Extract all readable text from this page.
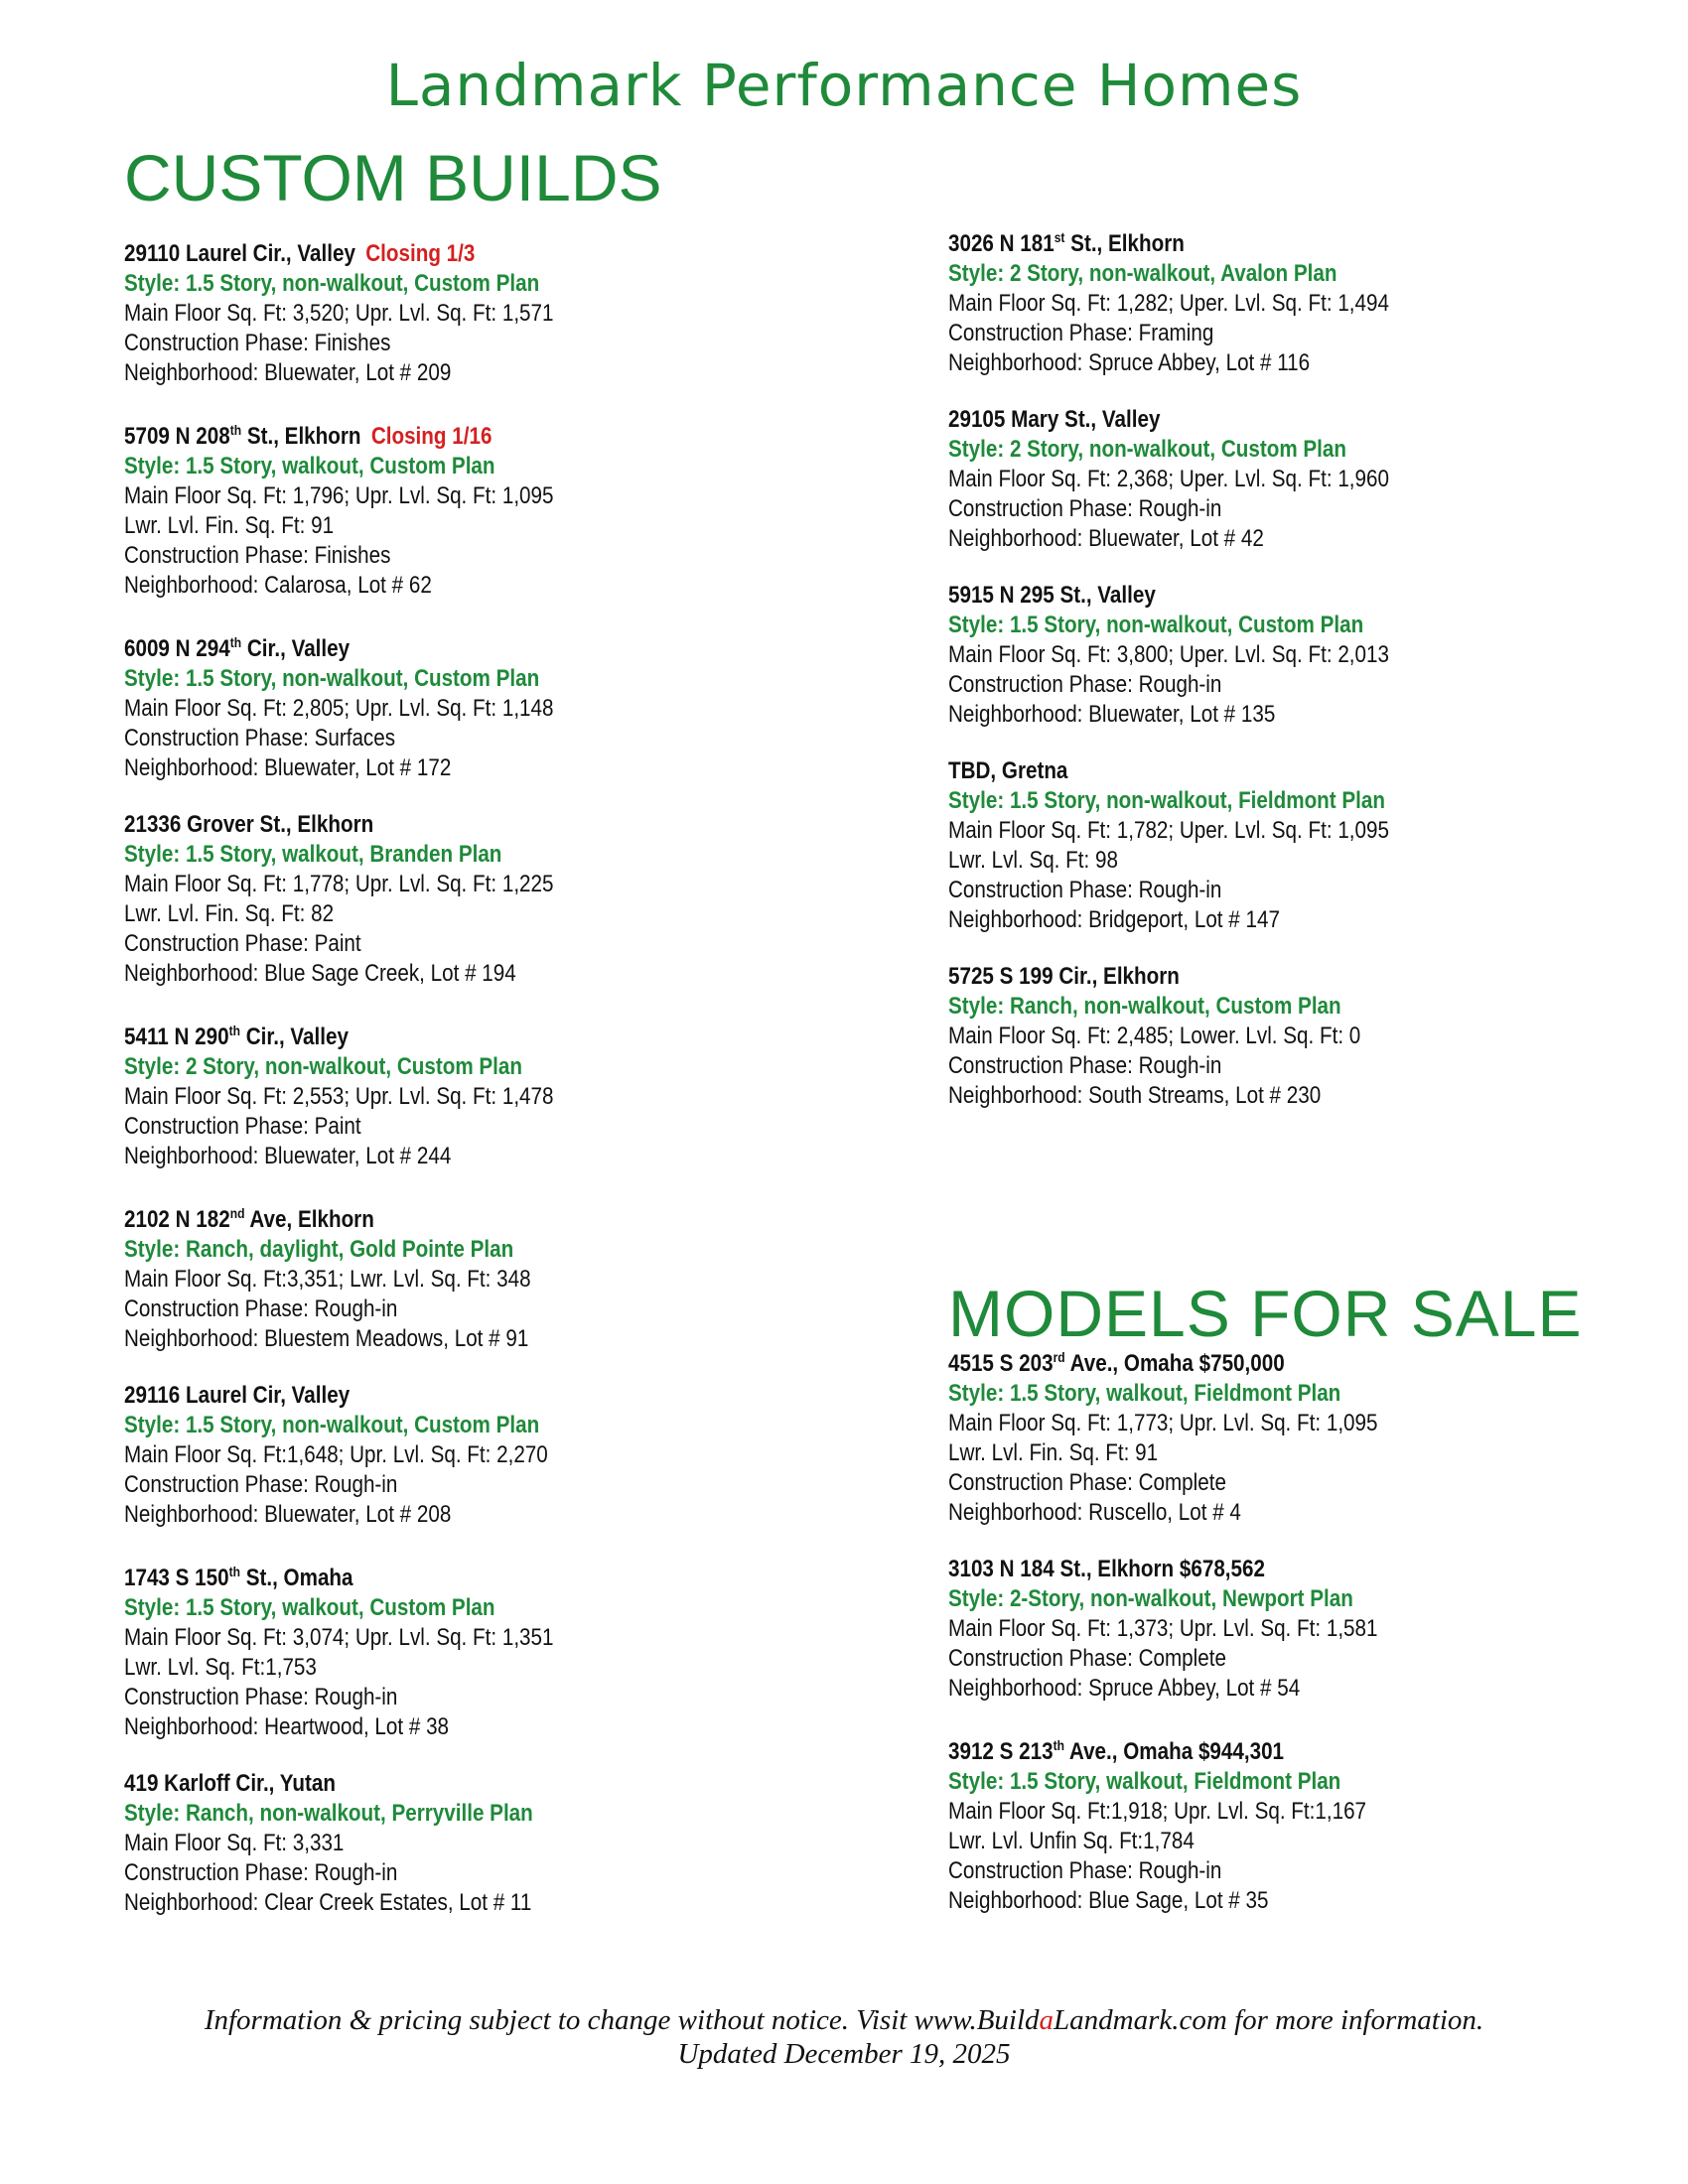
Landmark Performance Homes
CUSTOM BUILDS
29110 Laurel Cir., Valley Closing 1/3
Style: 1.5 Story, non-walkout, Custom Plan
Main Floor Sq. Ft: 3,520; Upr. Lvl. Sq. Ft: 1,571
Construction Phase: Finishes
Neighborhood: Bluewater, Lot # 209
5709 N 208th St., Elkhorn Closing 1/16
Style: 1.5 Story, walkout, Custom Plan
Main Floor Sq. Ft: 1,796; Upr. Lvl. Sq. Ft: 1,095
Lwr. Lvl. Fin. Sq. Ft: 91
Construction Phase: Finishes
Neighborhood: Calarosa, Lot # 62
6009 N 294th Cir., Valley
Style: 1.5 Story, non-walkout, Custom Plan
Main Floor Sq. Ft: 2,805; Upr. Lvl. Sq. Ft: 1,148
Construction Phase: Surfaces
Neighborhood: Bluewater, Lot # 172
21336 Grover St., Elkhorn
Style: 1.5 Story, walkout, Branden Plan
Main Floor Sq. Ft: 1,778; Upr. Lvl. Sq. Ft: 1,225
Lwr. Lvl. Fin. Sq. Ft: 82
Construction Phase: Paint
Neighborhood: Blue Sage Creek, Lot # 194
5411 N 290th Cir., Valley
Style: 2 Story, non-walkout, Custom Plan
Main Floor Sq. Ft: 2,553; Upr. Lvl. Sq. Ft: 1,478
Construction Phase: Paint
Neighborhood: Bluewater, Lot # 244
2102 N 182nd Ave, Elkhorn
Style: Ranch, daylight, Gold Pointe Plan
Main Floor Sq. Ft:3,351; Lwr. Lvl. Sq. Ft: 348
Construction Phase: Rough-in
Neighborhood: Bluestem Meadows, Lot # 91
29116 Laurel Cir, Valley
Style: 1.5 Story, non-walkout, Custom Plan
Main Floor Sq. Ft:1,648; Upr. Lvl. Sq. Ft: 2,270
Construction Phase: Rough-in
Neighborhood: Bluewater, Lot # 208
1743 S 150th St., Omaha
Style: 1.5 Story, walkout, Custom Plan
Main Floor Sq. Ft: 3,074; Upr. Lvl. Sq. Ft: 1,351
Lwr. Lvl. Sq. Ft:1,753
Construction Phase: Rough-in
Neighborhood: Heartwood, Lot # 38
419 Karloff Cir., Yutan
Style: Ranch, non-walkout, Perryville Plan
Main Floor Sq. Ft: 3,331
Construction Phase: Rough-in
Neighborhood: Clear Creek Estates, Lot # 11
3026 N 181st St., Elkhorn
Style: 2 Story, non-walkout, Avalon Plan
Main Floor Sq. Ft: 1,282; Uper. Lvl. Sq. Ft: 1,494
Construction Phase: Framing
Neighborhood: Spruce Abbey, Lot # 116
29105 Mary St., Valley
Style: 2 Story, non-walkout, Custom Plan
Main Floor Sq. Ft: 2,368; Uper. Lvl. Sq. Ft: 1,960
Construction Phase: Rough-in
Neighborhood: Bluewater, Lot # 42
5915 N 295 St., Valley
Style: 1.5 Story, non-walkout, Custom Plan
Main Floor Sq. Ft: 3,800; Uper. Lvl. Sq. Ft: 2,013
Construction Phase: Rough-in
Neighborhood: Bluewater, Lot # 135
TBD, Gretna
Style: 1.5 Story, non-walkout, Fieldmont Plan
Main Floor Sq. Ft: 1,782; Uper. Lvl. Sq. Ft: 1,095
Lwr. Lvl. Sq. Ft: 98
Construction Phase: Rough-in
Neighborhood: Bridgeport, Lot # 147
5725 S 199 Cir., Elkhorn
Style: Ranch, non-walkout, Custom Plan
Main Floor Sq. Ft: 2,485; Lower. Lvl. Sq. Ft: 0
Construction Phase: Rough-in
Neighborhood: South Streams, Lot # 230
MODELS FOR SALE
4515 S 203rd Ave., Omaha $750,000
Style: 1.5 Story, walkout, Fieldmont Plan
Main Floor Sq. Ft: 1,773; Upr. Lvl. Sq. Ft: 1,095
Lwr. Lvl. Fin. Sq. Ft: 91
Construction Phase: Complete
Neighborhood: Ruscello, Lot # 4
3103 N 184 St., Elkhorn $678,562
Style: 2-Story, non-walkout, Newport Plan
Main Floor Sq. Ft: 1,373; Upr. Lvl. Sq. Ft: 1,581
Construction Phase: Complete
Neighborhood: Spruce Abbey, Lot # 54
3912 S 213th Ave., Omaha $944,301
Style: 1.5 Story, walkout, Fieldmont Plan
Main Floor Sq. Ft:1,918; Upr. Lvl. Sq. Ft:1,167
Lwr. Lvl. Unfin Sq. Ft:1,784
Construction Phase: Rough-in
Neighborhood: Blue Sage, Lot # 35
Information & pricing subject to change without notice. Visit www.BuildaLandmark.com for more information.
Updated December 19, 2025
